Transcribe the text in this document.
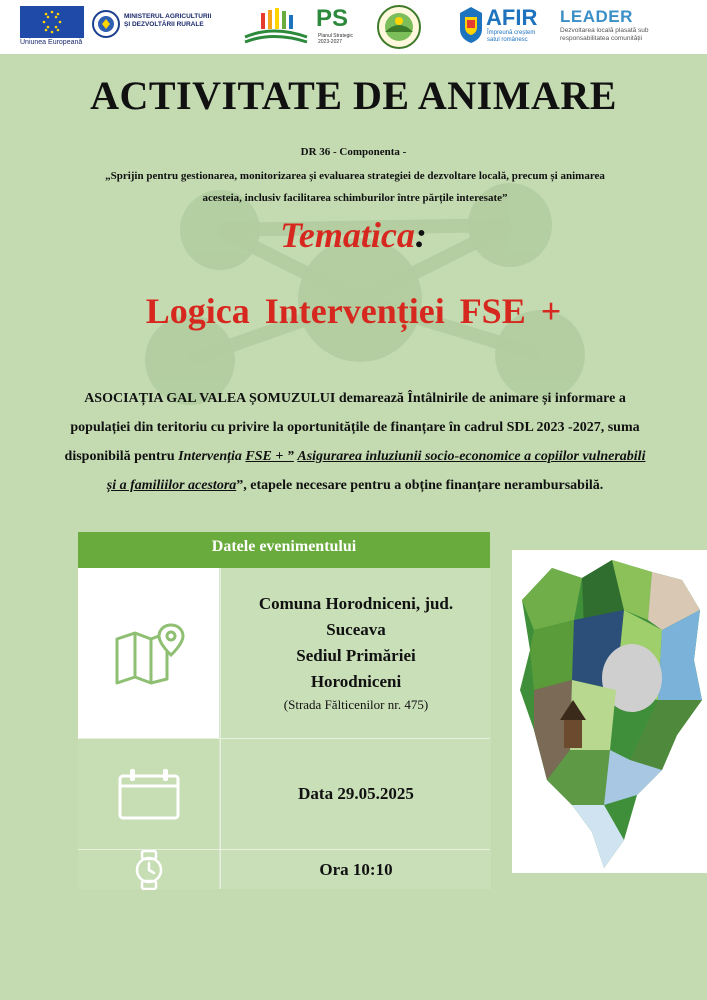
Uniunea Europeană
MINISTERUL AGRICULTURII
ȘI DEZVOLTĂRII RURALE	PS
Planul Strategic
2023-2027
AFIR
Împreună creștem
satul românesc
LEADER
Dezvoltarea locală plasată sub
responsabilitatea comunității
ACTIVITATE DE ANIMARE
DR 36 - Componenta -
„Sprijin pentru gestionarea, monitorizarea și evaluarea strategiei de dezvoltare locală, precum și animarea acesteia, inclusiv facilitarea schimburilor între părțile interesate”
Tematica:
Logica Intervenției FSE +
ASOCIAȚIA GAL VALEA ȘOMUZULUI demarează Întâlnirile de animare și informare a populației din teritoriu cu privire la oportunitățile de finanțare în cadrul SDL 2023 -2027, suma disponibilă pentru Intervenția FSE + ” Asigurarea inluziunii socio-economice a copiilor vulnerabili și a familiilor acestora”, etapele necesare pentru a obține finanțare nerambursabilă.
Datele evenimentului
Comuna Horodniceni, jud.
Suceava
Sediul Primăriei
Horodniceni
(Strada Fălticenilor nr. 475)
Data 29.05.2025
Ora 10:10
